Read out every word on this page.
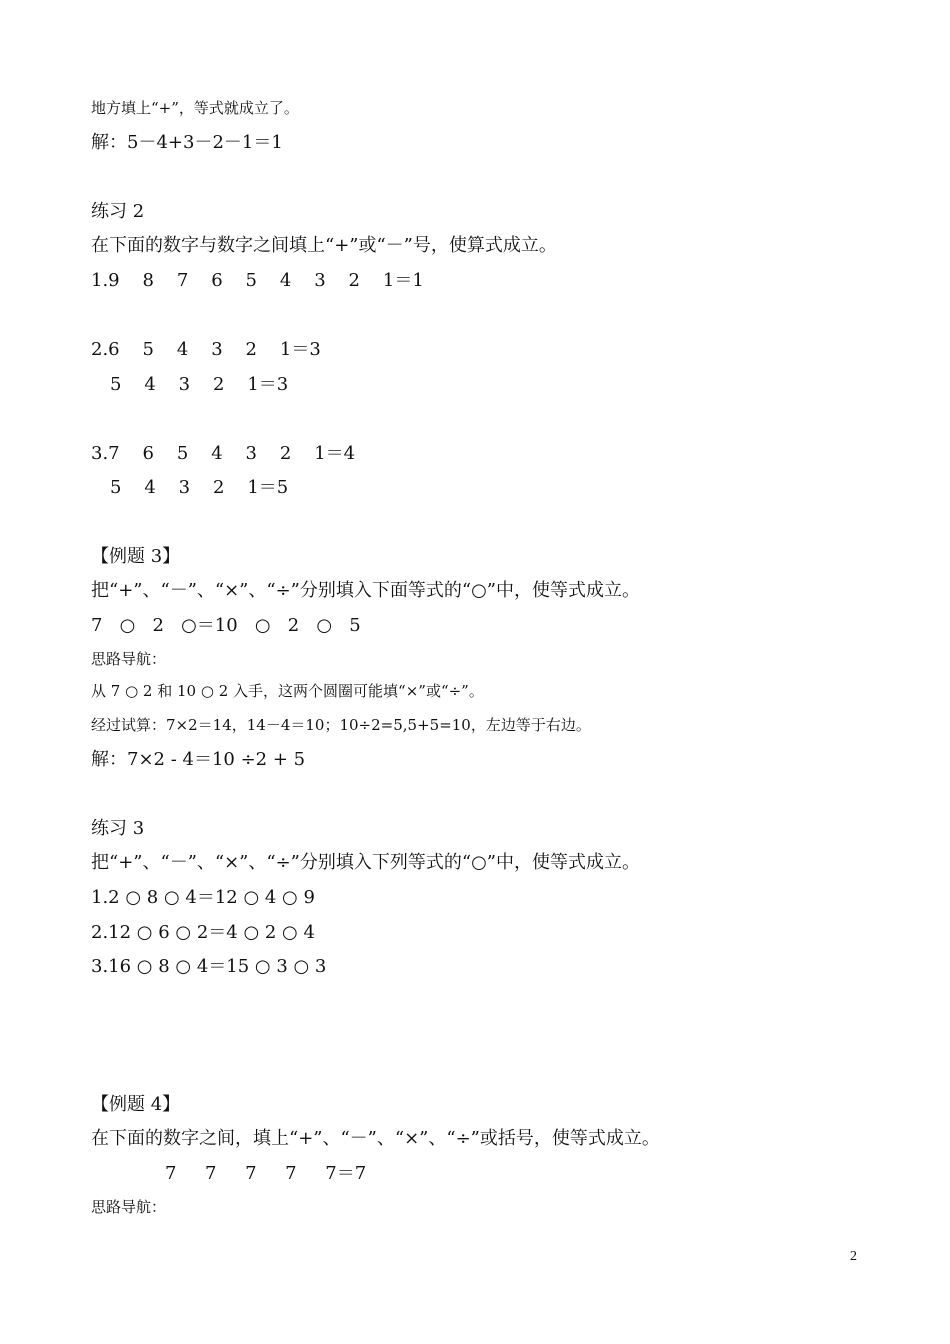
地方填上“+”，等式就成立了。
解：5－4+3－2－1＝1
练习 2
在下面的数字与数字之间填上“+”或“－”号，使算式成立。
1.9    8    7    6    5    4    3    2    1＝1
2.6    5    4    3    2    1＝3
5    4    3    2    1＝3
3.7    6    5    4    3    2    1＝4
5    4    3    2    1＝5
【例题 3】
把“+”、“－”、“×”、“÷”分别填入下面等式的“○”中，使等式成立。
7   ○   2   ○＝10   ○   2   ○   5
思路导航：
从 7 ○ 2 和 10 ○ 2 入手，这两个圆圈可能填“×”或“÷”。
经过试算：7×2＝14，14－4＝10；10÷2=5,5+5=10，左边等于右边。
解：7×2 - 4＝10 ÷2 + 5
练习 3
把“+”、“－”、“×”、“÷”分别填入下列等式的“○”中，使等式成立。
1.2 ○ 8 ○ 4＝12 ○ 4 ○ 9
2.12 ○ 6 ○ 2＝4 ○ 2 ○ 4
3.16 ○ 8 ○ 4＝15 ○ 3 ○ 3
【例题 4】
在下面的数字之间，填上“+”、“－”、“×”、“÷”或括号，使等式成立。
7     7     7     7     7＝7
思路导航：
2
